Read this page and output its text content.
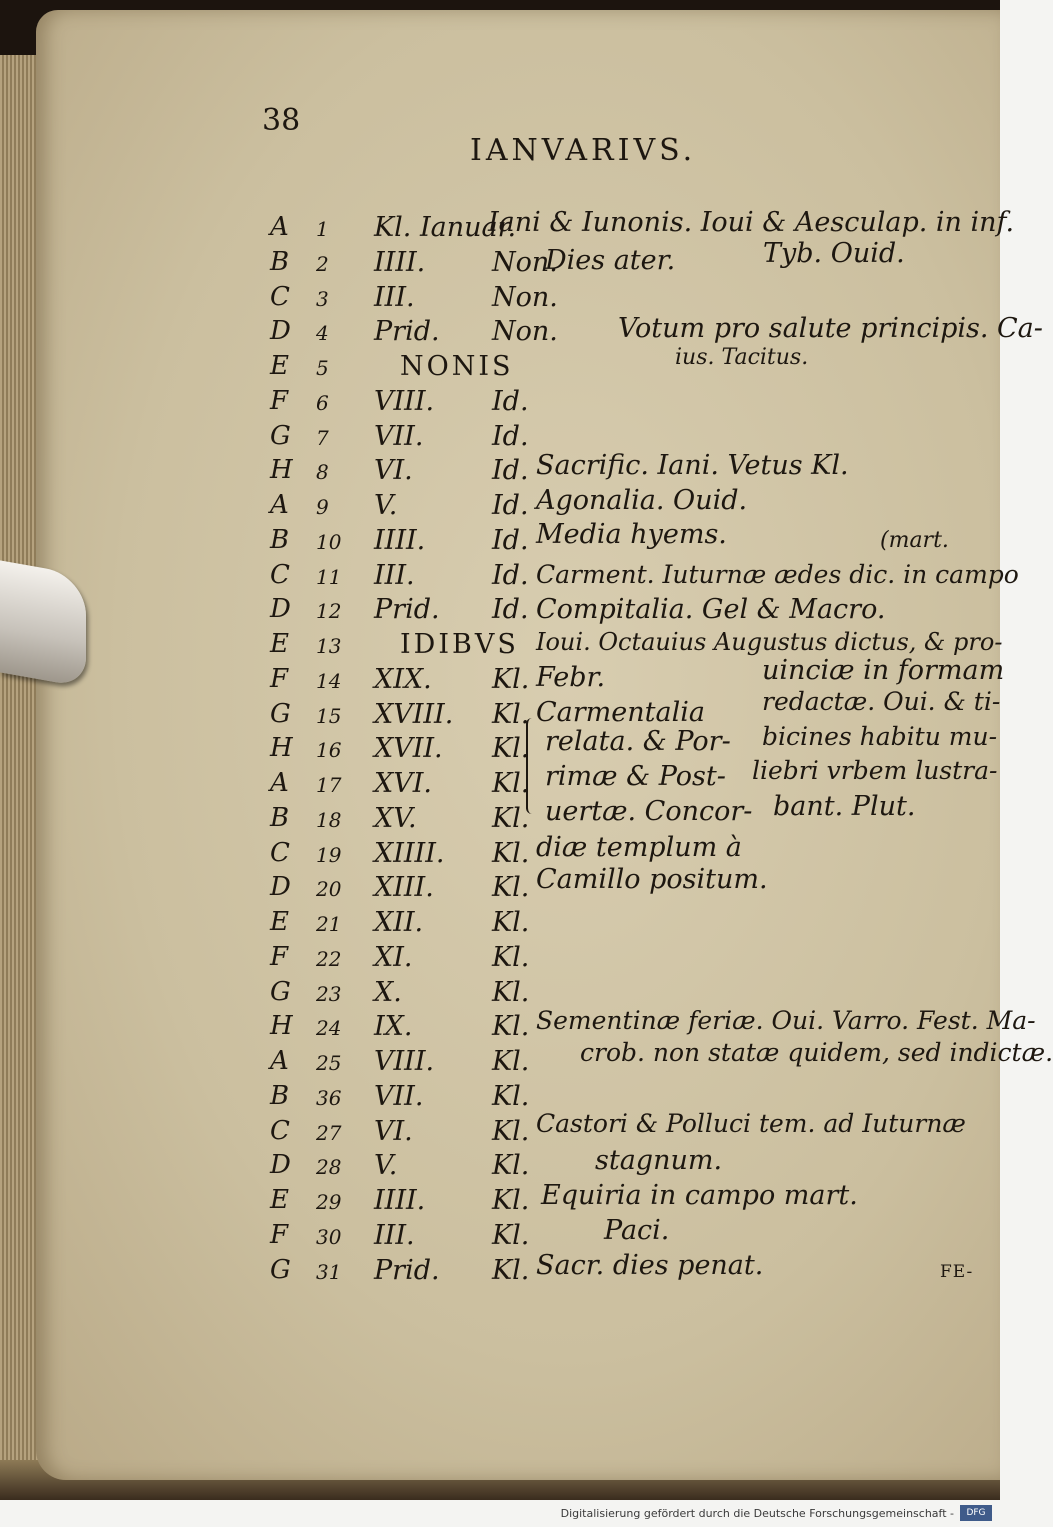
38
IANVARIVS.
A 1 Kl. Ianuar.
B 2 IIII. Non.
C 3 III.	Non.
D 4 Prid. Non.
E 5	NONIS
F 6 VIII. Id.
G 7 VII.	Id.
H 8 VI.	Id.
A 9 V.	Id.
B 10 IIII. Id.
C 11 III.	Id.
D 12 Prid. Id.
E 13 IDIBVS
F 14 XIX. Kl.
G 15 XVIII. Kl.
H 16 XVII. Kl.
A 17 XVI. Kl.
B 18 XV.	Kl.
C 19 XIIII. Kl.
D 20 XIII. Kl.
E 21 XII.	Kl.
F 22 XI.	Kl.
G 23 X.	Kl.
H 24 IX.	Kl.
A 25 VIII. Kl.
B 36 VII.	Kl.
C 27 VI.	Kl.
D 28 V.	Kl.
E 29 IIII. Kl.
F 30 III.	Kl.
G 31 Prid. Kl.
Iani & Iunonis. Ioui & Aesculap. in inf.
Dies ater.	Tyb. Ouid.
Votum pro salute principis. Ca-
ius. Tacitus.
Sacrific. Iani. Vetus Kl.
Agonalia. Ouid.
Media hyems.	(mart.
Carment. Iuturnæ ædes dic. in campo
Compitalia. Gel & Macro.
Ioui. Octauius Augustus dictus, & pro-
Febr.	uinciæ in formam
Carmentalia redactæ. Oui. & ti-
relata. & Por- bicines habitu mu-
rimæ & Post- liebri vrbem lustra-
uertæ. Concor- bant. Plut.
diæ templum à
Camillo positum.
Sementinæ feriæ. Oui. Varro. Fest. Ma-
crob. non statæ quidem, sed indictæ.
Castori & Polluci tem. ad Iuturnæ
stagnum.
Equiria in campo mart.
Paci.
Sacr. dies penat.	FE-
Digitalisierung gefördert durch die Deutsche Forschungsgemeinschaft -	DFG
